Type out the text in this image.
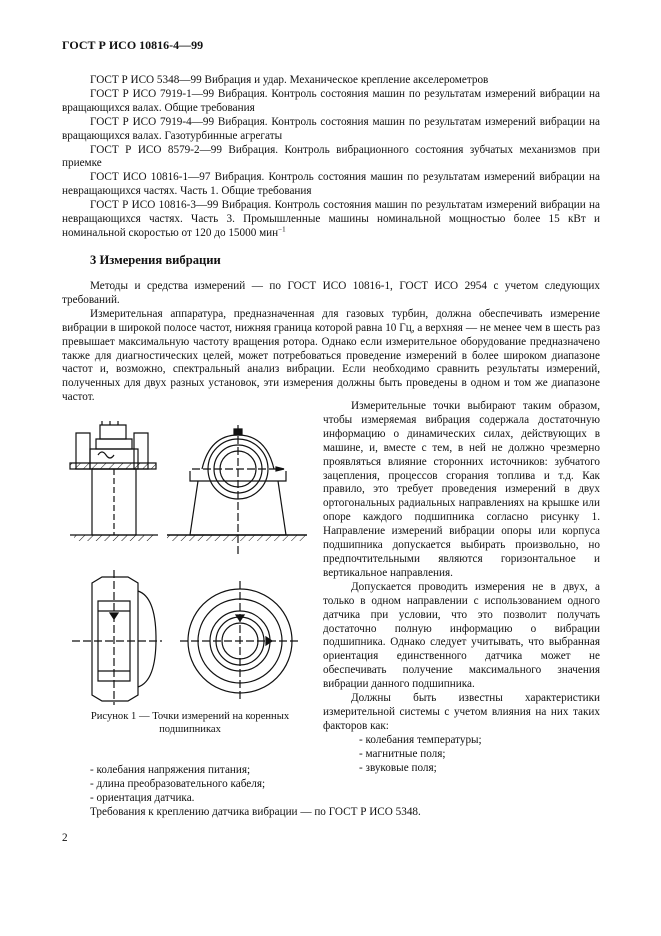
ГОСТ Р ИСО 10816-4—99

ГОСТ Р ИСО 5348—99 Вибрация и удар. Механическое крепление акселерометров

ГОСТ Р ИСО 7919-1—99 Вибрация. Контроль состояния машин по результатам измерений вибрации на вращающихся валах. Общие требования

ГОСТ Р ИСО 7919-4—99 Вибрация. Контроль состояния машин по результатам измерений вибрации на вращающихся валах. Газотурбинные агрегаты

ГОСТ Р ИСО 8579-2—99 Вибрация. Контроль вибрационного состояния зубчатых механизмов при приемке

ГОСТ ИСО 10816-1—97 Вибрация. Контроль состояния машин по результатам измерений вибрации на невращающихся частях. Часть 1. Общие требования

ГОСТ Р ИСО 10816-3—99 Вибрация. Контроль состояния машин по результатам измерений вибрации на невращающихся частях. Часть 3. Промышленные машины номинальной мощностью более 15 кВт и номинальной скоростью от 120 до 15000 мин$^{-1}$

3 Измерения вибрации

Методы и средства измерений — по ГОСТ ИСО 10816-1, ГОСТ ИСО 2954 с учетом следующих требований.

Измерительная аппаратура, предназначенная для газовых турбин, должна обеспечивать измерение вибрации в широкой полосе частот, нижняя граница которой равна 10 Гц, а верхняя — не менее чем в шесть раз превышает максимальную частоту вращения ротора. Однако если измерительное оборудование предназначено также для диагностических целей, может потребоваться проведение измерений в более широком диапазоне частот и, возможно, спектральный анализ вибрации. Если необходимо сравнить результаты измерений, полученных для двух разных установок, эти измерения должны быть проведены в одном и том же диапазоне частот.

Рисунок 1 — Точки измерений на коренных подшипниках

Измерительные точки выбирают таким образом, чтобы измеряемая вибрация содержала достаточную информацию о динамических силах, действующих в машине, и, вместе с тем, в ней не должно чрезмерно проявляться влияние сторонних источников: зубчатого зацепления, процессов сгорания топлива и т.д. Как правило, это требует проведения измерений в двух ортогональных радиальных направлениях на крышке или опоре каждого подшипника согласно рисунку 1. Направление измерений вибрации опоры или корпуса подшипника допускается выбирать произвольно, но предпочтительными являются горизонтальное и вертикальное направления.

Допускается проводить измерения не в двух, а только в одном направлении с использованием одного датчика при условии, что это позволит получать достаточно полную информацию о вибрации подшипника. Однако следует учитывать, что выбранная ориентация единственного датчика может не обеспечивать получение максимального значения вибрации данного подшипника.

Должны быть известны характеристики измерительной системы с учетом влияния на них таких факторов как:

- колебания температуры;
- магнитные поля;
- звуковые поля;
- колебания напряжения питания;
- длина преобразовательного кабеля;
- ориентация датчика.

Требования к креплению датчика вибрации — по ГОСТ Р ИСО 5348.

2
